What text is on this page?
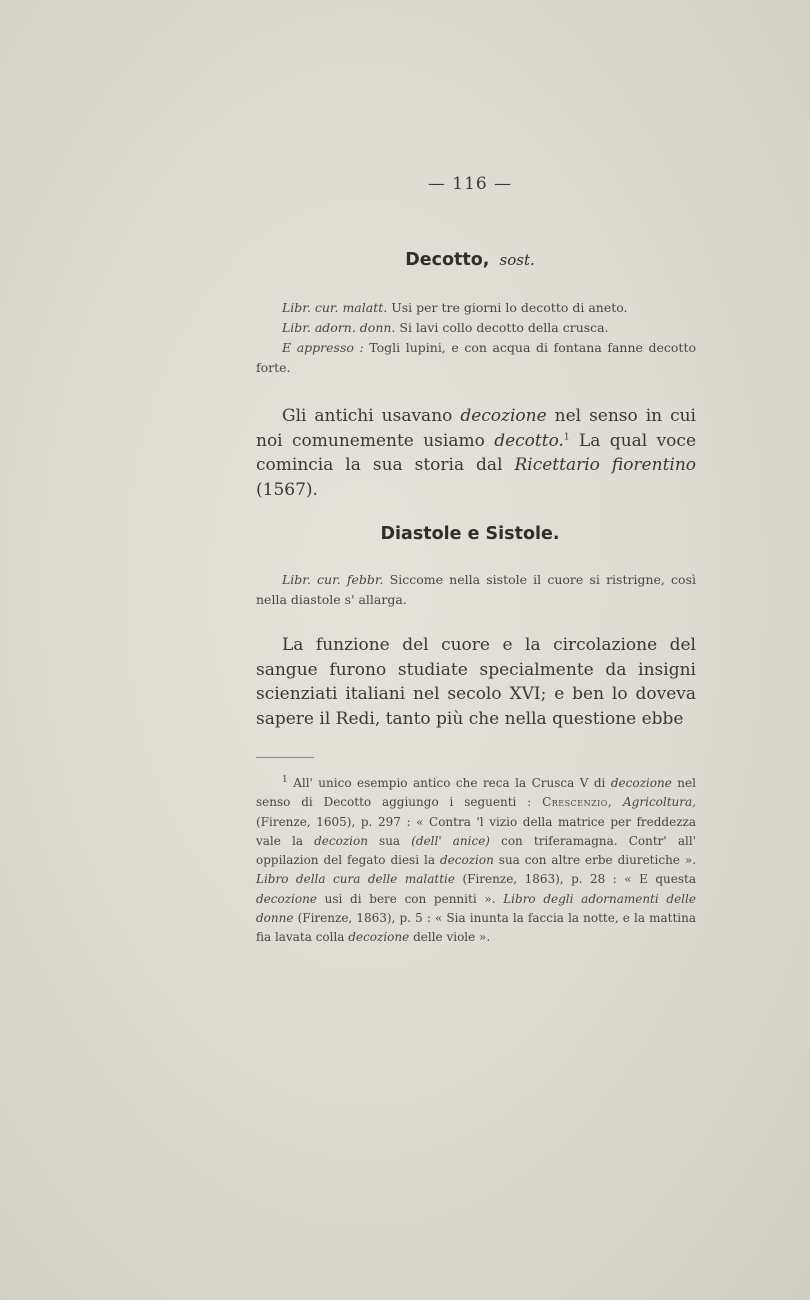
— 116 —
Decotto, sost.

Libr. cur. malatt. Usi per tre giorni lo decotto di aneto.

Libr. adorn. donn. Si lavi collo decotto della crusca.

E appresso : Togli lupini, e con acqua di fontana fanne decotto forte.

Gli antichi usavano decozione nel senso in cui noi comunemente usiamo decotto.$^1$ La qual voce comincia la sua storia dal Ricettario fiorentino (1567).

Diastole e Sistole.

Libr. cur. febbr. Siccome nella sistole il cuore si ristrigne, così nella diastole s' allarga.

La funzione del cuore e la circolazione del sangue furono studiate specialmente da insigni scienziati italiani nel secolo XVI; e ben lo doveva sapere il Redi, tanto più che nella questione ebbe

$^1$ All' unico esempio antico che reca la Crusca V di decozione nel senso di Decotto aggiungo i seguenti : Crescenzio, Agricoltura, (Firenze, 1605), p. 297 : « Contra 'l vizio della matrice per freddezza vale la decozion sua (dell' anice) con triferamagna. Contr' all' oppilazion del fegato diesi la decozion sua con altre erbe diuretiche ». Libro della cura delle malattie (Firenze, 1863), p. 28 : « E questa decozione usi di bere con penniti ». Libro degli adornamenti delle donne (Firenze, 1863), p. 5 : « Sia inunta la faccia la notte, e la mattina fia lavata colla decozione delle viole ».
